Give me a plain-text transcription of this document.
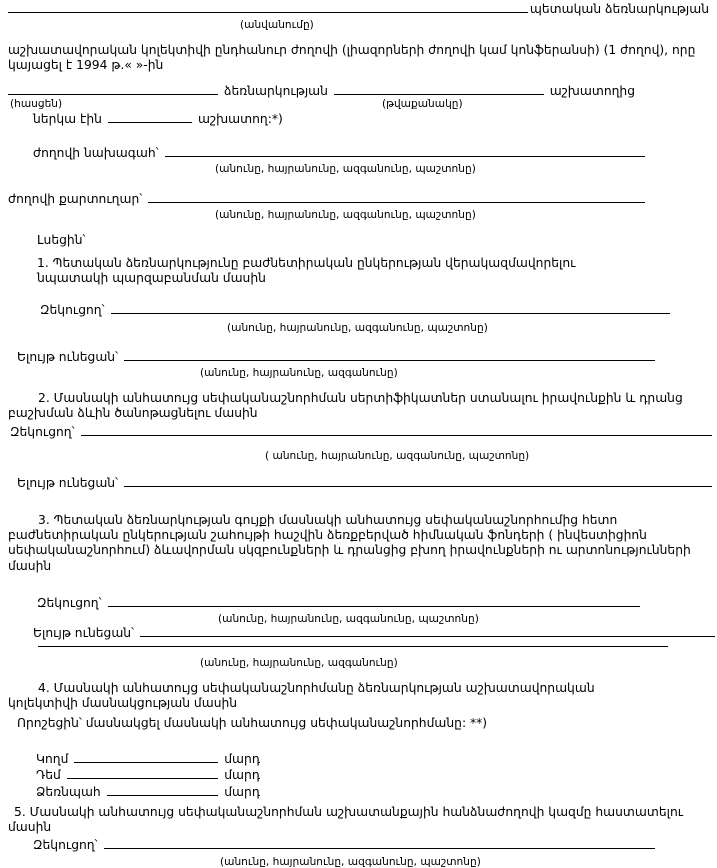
պետական ձեռնարկության
(անվանումը)

աշխատավորական կոլեկտիվի ընդհանուր ժողովի (լիազորների ժողովի կամ կոնֆերանսի) (1 ժողով), որը կայացել է 1994 թ.« »-ին

ձեռնարկության	աշխատողից
(հասցեն)	(թվաքանակը)
ներկա էին	աշխատող:*)
ժողովի նախագահ՝
(անունը, հայրանունը, ազգանունը, պաշտոնը)
ժողովի քարտուղար՝
(անունը, հայրանունը, ազգանունը, պաշտոնը)
Լսեցին՝

1. Պետական ձեռնարկությունը բաժնետիրական ընկերության վերակազմավորելու նպատակի պարզաբանման մասին

Զեկուցող՝
(անունը, հայրանունը, ազգանունը, պաշտոնը)
Ելույթ ունեցան՝
(անունը, հայրանունը, ազգանունը)

2. Մասնակի անհատույց սեփականաշնորհման սերտիֆիկատներ ստանալու իրավունքին և դրանց բաշխման ձևին ծանոթացնելու մասին

Զեկուցող՝
( անունը, հայրանունը, ազգանունը, պաշտոնը)
Ելույթ ունեցան՝

3. Պետական ձեռնարկության գույքի մասնակի անհատույց սեփականաշնորհումից հետո բաժնետիրական ընկերության շահույթի հաշվին ձեռքբերված հիմնական ֆոնդերի ( ինվեստիցիոն սեփականաշնորհում) ձևավորման սկզբունքների և դրանցից բխող իրավունքների ու արտոնությունների մասին

Զեկուցող՝
(անունը, հայրանունը, ազգանունը, պաշտոնը)
Ելույթ ունեցան՝
(անունը, հայրանունը, ազգանունը)

4. Մասնակի անհատույց սեփականաշնորհմանը ձեռնարկության աշխատավորական կոլեկտիվի մասնակցության մասին

Որոշեցին՝ մասնակցել մասնակի անհատույց սեփականաշնորհմանը: **)
Կողմ	մարդ
Դեմ	մարդ
Ձեռնպահ	մարդ

5. Մասնակի անհատույց սեփականաշնորհման աշխատանքային հանձնաժողովի կազմը հաստատելու մասին

Զեկուցող՝
(անունը, հայրանունը, ազգանունը, պաշտոնը)
